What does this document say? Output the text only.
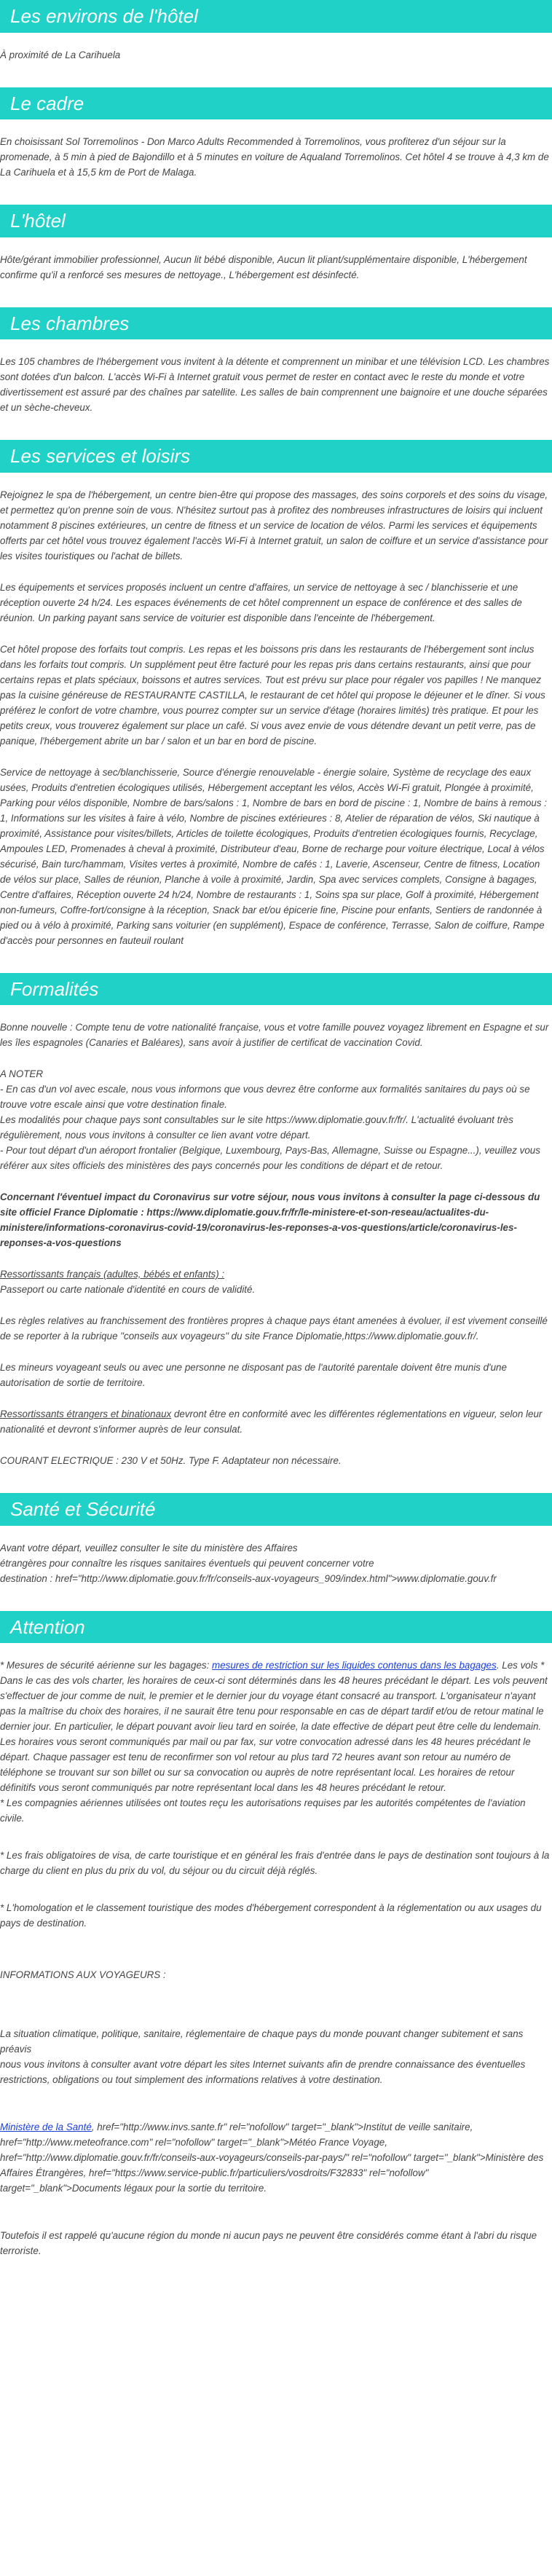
Les environs de l'hôtel

À proximité de La Carihuela

Le cadre

En choisissant Sol Torremolinos - Don Marco Adults Recommended à Torremolinos, vous profiterez d'un séjour sur la promenade, à 5 min à pied de Bajondillo et à 5 minutes en voiture de Aqualand Torremolinos. Cet hôtel 4 se trouve à 4,3 km de La Carihuela et à 15,5 km de Port de Malaga.

L'hôtel

Hôte/gérant immobilier professionnel, Aucun lit bébé disponible, Aucun lit pliant/supplémentaire disponible, L'hébergement confirme qu'il a renforcé ses mesures de nettoyage., L'hébergement est désinfecté.

Les chambres

Les 105 chambres de l'hébergement vous invitent à la détente et comprennent un minibar et une télévision LCD. Les chambres sont dotées d'un balcon. L'accès Wi-Fi à Internet gratuit vous permet de rester en contact avec le reste du monde et votre divertissement est assuré par des chaînes par satellite. Les salles de bain comprennent une baignoire et une douche séparées et un sèche-cheveux.

Les services et loisirs

Rejoignez le spa de l'hébergement, un centre bien-être qui propose des massages, des soins corporels et des soins du visage, et permettez qu'on prenne soin de vous. N'hésitez surtout pas à profitez des nombreuses infrastructures de loisirs qui incluent notamment 8 piscines extérieures, un centre de fitness et un service de location de vélos. Parmi les services et équipements offerts par cet hôtel vous trouvez également l'accès Wi-Fi à Internet gratuit, un salon de coiffure et un service d'assistance pour les visites touristiques ou l'achat de billets.

Les équipements et services proposés incluent un centre d'affaires, un service de nettoyage à sec / blanchisserie et une réception ouverte 24 h/24. Les espaces événements de cet hôtel comprennent un espace de conférence et des salles de réunion. Un parking payant sans service de voiturier est disponible dans l'enceinte de l'hébergement.

Cet hôtel propose des forfaits tout compris. Les repas et les boissons pris dans les restaurants de l'hébergement sont inclus dans les forfaits tout compris. Un supplément peut être facturé pour les repas pris dans certains restaurants, ainsi que pour certains repas et plats spéciaux, boissons et autres services. Tout est prévu sur place pour régaler vos papilles ! Ne manquez pas la cuisine généreuse de RESTAURANTE CASTILLA, le restaurant de cet hôtel qui propose le déjeuner et le dîner. Si vous préférez le confort de votre chambre, vous pourrez compter sur un service d'étage (horaires limités) très pratique. Et pour les petits creux, vous trouverez également sur place un café. Si vous avez envie de vous détendre devant un petit verre, pas de panique, l'hébergement abrite un bar / salon et un bar en bord de piscine.

Service de nettoyage à sec/blanchisserie, Source d'énergie renouvelable - énergie solaire, Système de recyclage des eaux usées, Produits d'entretien écologiques utilisés, Hébergement acceptant les vélos, Accès Wi-Fi gratuit, Plongée à proximité, Parking pour vélos disponible, Nombre de bars/salons : 1, Nombre de bars en bord de piscine : 1, Nombre de bains à remous : 1, Informations sur les visites à faire à vélo, Nombre de piscines extérieures : 8, Atelier de réparation de vélos, Ski nautique à proximité, Assistance pour visites/billets, Articles de toilette écologiques, Produits d'entretien écologiques fournis, Recyclage, Ampoules LED, Promenades à cheval à proximité, Distributeur d'eau, Borne de recharge pour voiture électrique, Local à vélos sécurisé, Bain turc/hammam, Visites vertes à proximité, Nombre de cafés : 1, Laverie, Ascenseur, Centre de fitness, Location de vélos sur place, Salles de réunion, Planche à voile à proximité, Jardin, Spa avec services complets, Consigne à bagages, Centre d'affaires, Réception ouverte 24 h/24, Nombre de restaurants : 1, Soins spa sur place, Golf à proximité, Hébergement non-fumeurs, Coffre-fort/consigne à la réception, Snack bar et/ou épicerie fine, Piscine pour enfants, Sentiers de randonnée à pied ou à vélo à proximité, Parking sans voiturier (en supplément), Espace de conférence, Terrasse, Salon de coiffure, Rampe d'accès pour personnes en fauteuil roulant

Formalités

Bonne nouvelle : Compte tenu de votre nationalité française, vous et votre famille pouvez voyagez librement en Espagne et sur les îles espagnoles (Canaries et Baléares), sans avoir à justifier de certificat de vaccination Covid.

A NOTER

- En cas d'un vol avec escale, nous vous informons que vous devrez être conforme aux formalités sanitaires du pays où se trouve votre escale ainsi que votre destination finale.

Les modalités pour chaque pays sont consultables sur le site https://www.diplomatie.gouv.fr/fr/. L'actualité évoluant très régulièrement, nous vous invitons à consulter ce lien avant votre départ.

- Pour tout départ d'un aéroport frontalier (Belgique, Luxembourg, Pays-Bas, Allemagne, Suisse ou Espagne...), veuillez vous référer aux sites officiels des ministères des pays concernés pour les conditions de départ et de retour.

Concernant l'éventuel impact du Coronavirus sur votre séjour, nous vous invitons à consulter la page ci-dessous du site officiel France Diplomatie : https://www.diplomatie.gouv.fr/fr/le-ministere-et-son-reseau/actualites-du-ministere/informations-coronavirus-covid-19/coronavirus-les-reponses-a-vos-questions/article/coronavirus-les-reponses-a-vos-questions

Ressortissants français (adultes, bébés et enfants) :
Passeport ou carte nationale d'identité en cours de validité.

Les règles relatives au franchissement des frontières propres à chaque pays étant amenées à évoluer, il est vivement conseillé de se reporter à la rubrique "conseils aux voyageurs" du site France Diplomatie,https://www.diplomatie.gouv.fr/.

Les mineurs voyageant seuls ou avec une personne ne disposant pas de l'autorité parentale doivent être munis d'une autorisation de sortie de territoire.

Ressortissants étrangers et binationaux devront être en conformité avec les différentes réglementations en vigueur, selon leur nationalité et devront s'informer auprès de leur consulat.

COURANT ELECTRIQUE : 230 V et 50Hz. Type F. Adaptateur non nécessaire.

Santé et Sécurité

Avant votre départ, veuillez consulter le site du ministère des Affaires
étrangères pour connaître les risques sanitaires éventuels qui peuvent concerner votre
destination : href="http://www.diplomatie.gouv.fr/fr/conseils-aux-voyageurs_909/index.html">www.diplomatie.gouv.fr

Attention

* Mesures de sécurité aérienne sur les bagages: mesures de restriction sur les liquides contenus dans les bagages. Les vols * Dans le cas des vols charter, les horaires de ceux-ci sont déterminés dans les 48 heures précédant le départ. Les vols peuvent s'effectuer de jour comme de nuit, le premier et le dernier jour du voyage étant consacré au transport. L'organisateur n'ayant pas la maîtrise du choix des horaires, il ne saurait être tenu pour responsable en cas de départ tardif et/ou de retour matinal le dernier jour. En particulier, le départ pouvant avoir lieu tard en soirée, la date effective de départ peut être celle du lendemain. Les horaires vous seront communiqués par mail ou par fax, sur votre convocation adressé dans les 48 heures précédant le départ. Chaque passager est tenu de reconfirmer son vol retour au plus tard 72 heures avant son retour au numéro de téléphone se trouvant sur son billet ou sur sa convocation ou auprès de notre représentant local. Les horaires de retour définitifs vous seront communiqués par notre représentant local dans les 48 heures précédant le retour.
* Les compagnies aériennes utilisées ont toutes reçu les autorisations requises par les autorités compétentes de l'aviation civile.

* Les frais obligatoires de visa, de carte touristique et en général les frais d'entrée dans le pays de destination sont toujours à la charge du client en plus du prix du vol, du séjour ou du circuit déjà réglés.

* L'homologation et le classement touristique des modes d'hébergement correspondent à la réglementation ou aux usages du pays de destination.

INFORMATIONS AUX VOYAGEURS :

La situation climatique, politique, sanitaire, réglementaire de chaque pays du monde pouvant changer subitement et sans préavis
nous vous invitons à consulter avant votre départ les sites Internet suivants afin de prendre connaissance des éventuelles restrictions, obligations ou tout simplement des informations relatives à votre destination.

Ministère de la Santé, href="http://www.invs.sante.fr" rel="nofollow" target="_blank">Institut de veille sanitaire, href="http://www.meteofrance.com" rel="nofollow" target="_blank">Météo France Voyage, href="http://www.diplomatie.gouv.fr/fr/conseils-aux-voyageurs/conseils-par-pays/" rel="nofollow" target="_blank">Ministère des Affaires Étrangères, href="https://www.service-public.fr/particuliers/vosdroits/F32833" rel="nofollow" target="_blank">Documents légaux pour la sortie du territoire.

Toutefois il est rappelé qu'aucune région du monde ni aucun pays ne peuvent être considérés comme étant à l'abri du risque terroriste.
